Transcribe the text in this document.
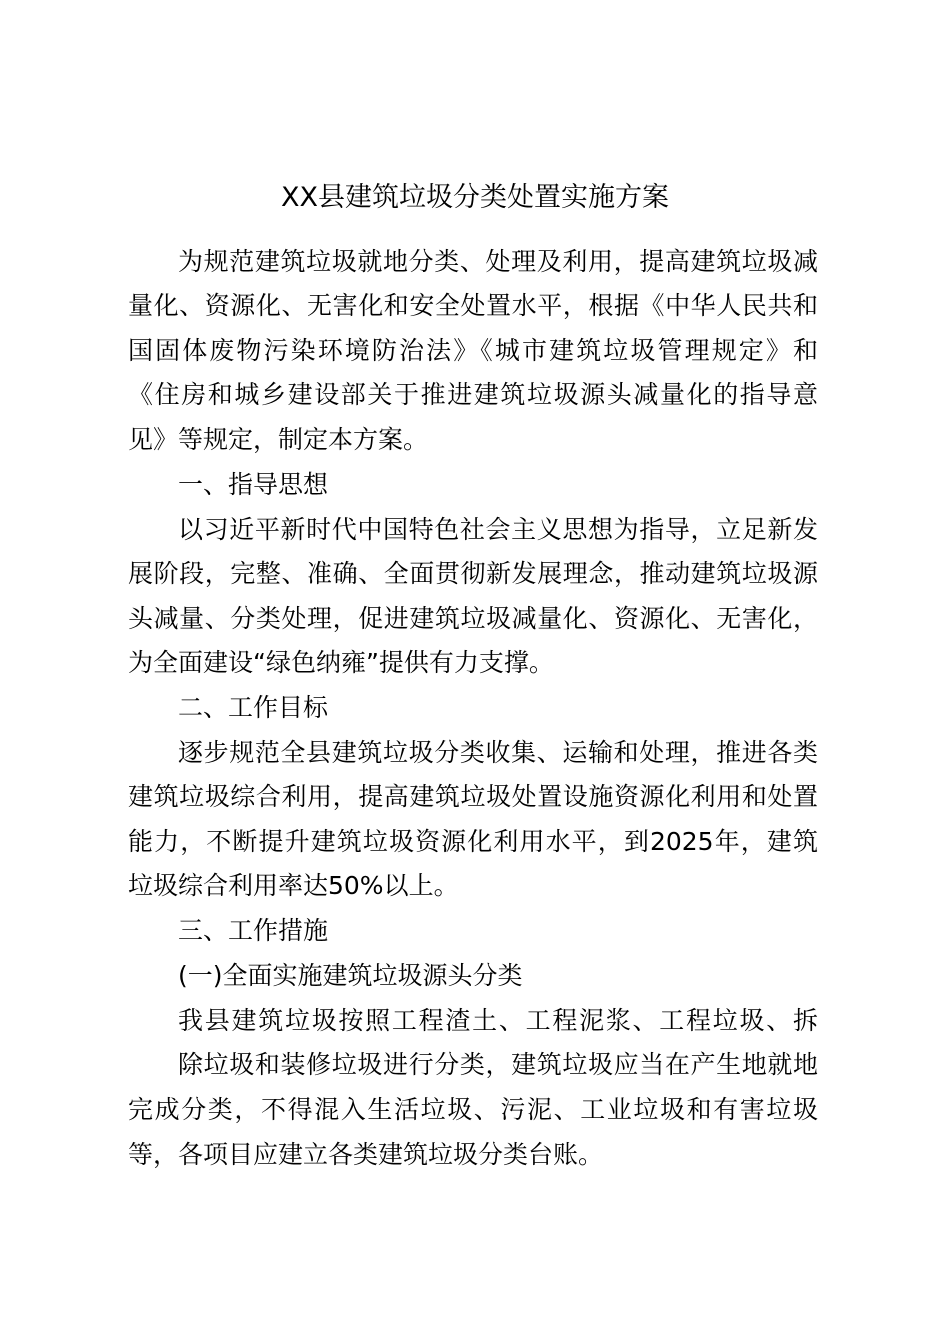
XX县建筑垃圾分类处置实施方案
为规范建筑垃圾就地分类、处理及利用，提高建筑垃圾减
量化、资源化、无害化和安全处置水平，根据《中华人民共和
国固体废物污染环境防治法》《城市建筑垃圾管理规定》和
《住房和城乡建设部关于推进建筑垃圾源头减量化的指导意
见》等规定，制定本方案。
一、指导思想
以习近平新时代中国特色社会主义思想为指导，立足新发
展阶段，完整、准确、全面贯彻新发展理念，推动建筑垃圾源
头减量、分类处理，促进建筑垃圾减量化、资源化、无害化，
为全面建设“绿色纳雍”提供有力支撑。
二、工作目标
逐步规范全县建筑垃圾分类收集、运输和处理，推进各类
建筑垃圾综合利用，提高建筑垃圾处置设施资源化利用和处置
能力，不断提升建筑垃圾资源化利用水平，到2025年，建筑
垃圾综合利用率达50%以上。
三、工作措施
(一)全面实施建筑垃圾源头分类
我县建筑垃圾按照工程渣土、工程泥浆、工程垃圾、拆
除垃圾和装修垃圾进行分类，建筑垃圾应当在产生地就地
完成分类，不得混入生活垃圾、污泥、工业垃圾和有害垃圾
等，各项目应建立各类建筑垃圾分类台账。
